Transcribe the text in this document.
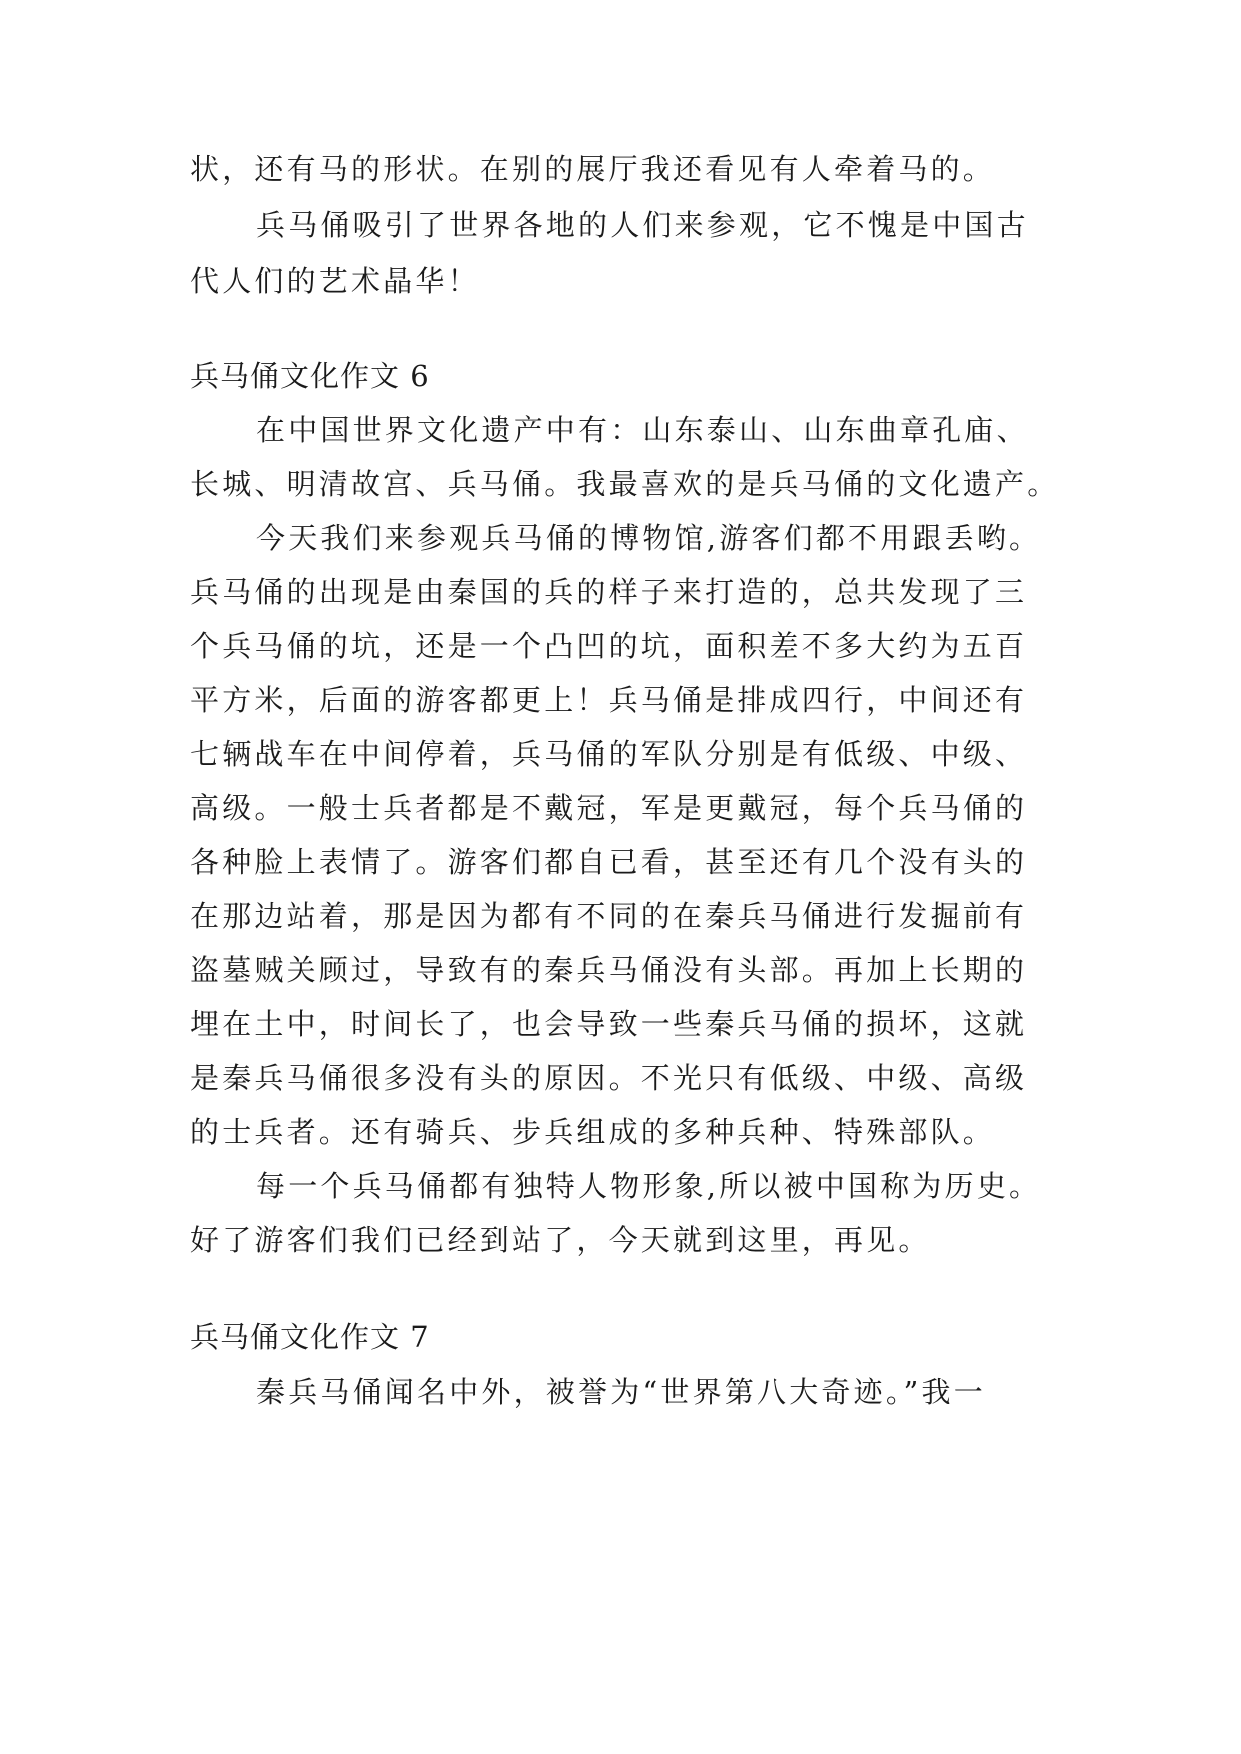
状，还有马的形状。在别的展厅我还看见有人牵着马的。
兵马俑吸引了世界各地的人们来参观，它不愧是中国古
代人们的艺术晶华！
兵马俑文化作文 6
在中国世界文化遗产中有：山东泰山、山东曲章孔庙、
长城、明清故宫、兵马俑。我最喜欢的是兵马俑的文化遗产。
今天我们来参观兵马俑的博物馆,游客们都不用跟丢哟。
兵马俑的出现是由秦国的兵的样子来打造的，总共发现了三
个兵马俑的坑，还是一个凸凹的坑，面积差不多大约为五百
平方米，后面的游客都更上！兵马俑是排成四行，中间还有
七辆战车在中间停着，兵马俑的军队分别是有低级、中级、
高级。一般士兵者都是不戴冠，军是更戴冠，每个兵马俑的
各种脸上表情了。游客们都自已看，甚至还有几个没有头的
在那边站着，那是因为都有不同的在秦兵马俑进行发掘前有
盗墓贼关顾过，导致有的秦兵马俑没有头部。再加上长期的
埋在土中，时间长了，也会导致一些秦兵马俑的损坏，这就
是秦兵马俑很多没有头的原因。不光只有低级、中级、高级
的士兵者。还有骑兵、步兵组成的多种兵种、特殊部队。
每一个兵马俑都有独特人物形象,所以被中国称为历史。
好了游客们我们已经到站了，今天就到这里，再见。
兵马俑文化作文 7
秦兵马俑闻名中外，被誉为“世界第八大奇迹。”我一
